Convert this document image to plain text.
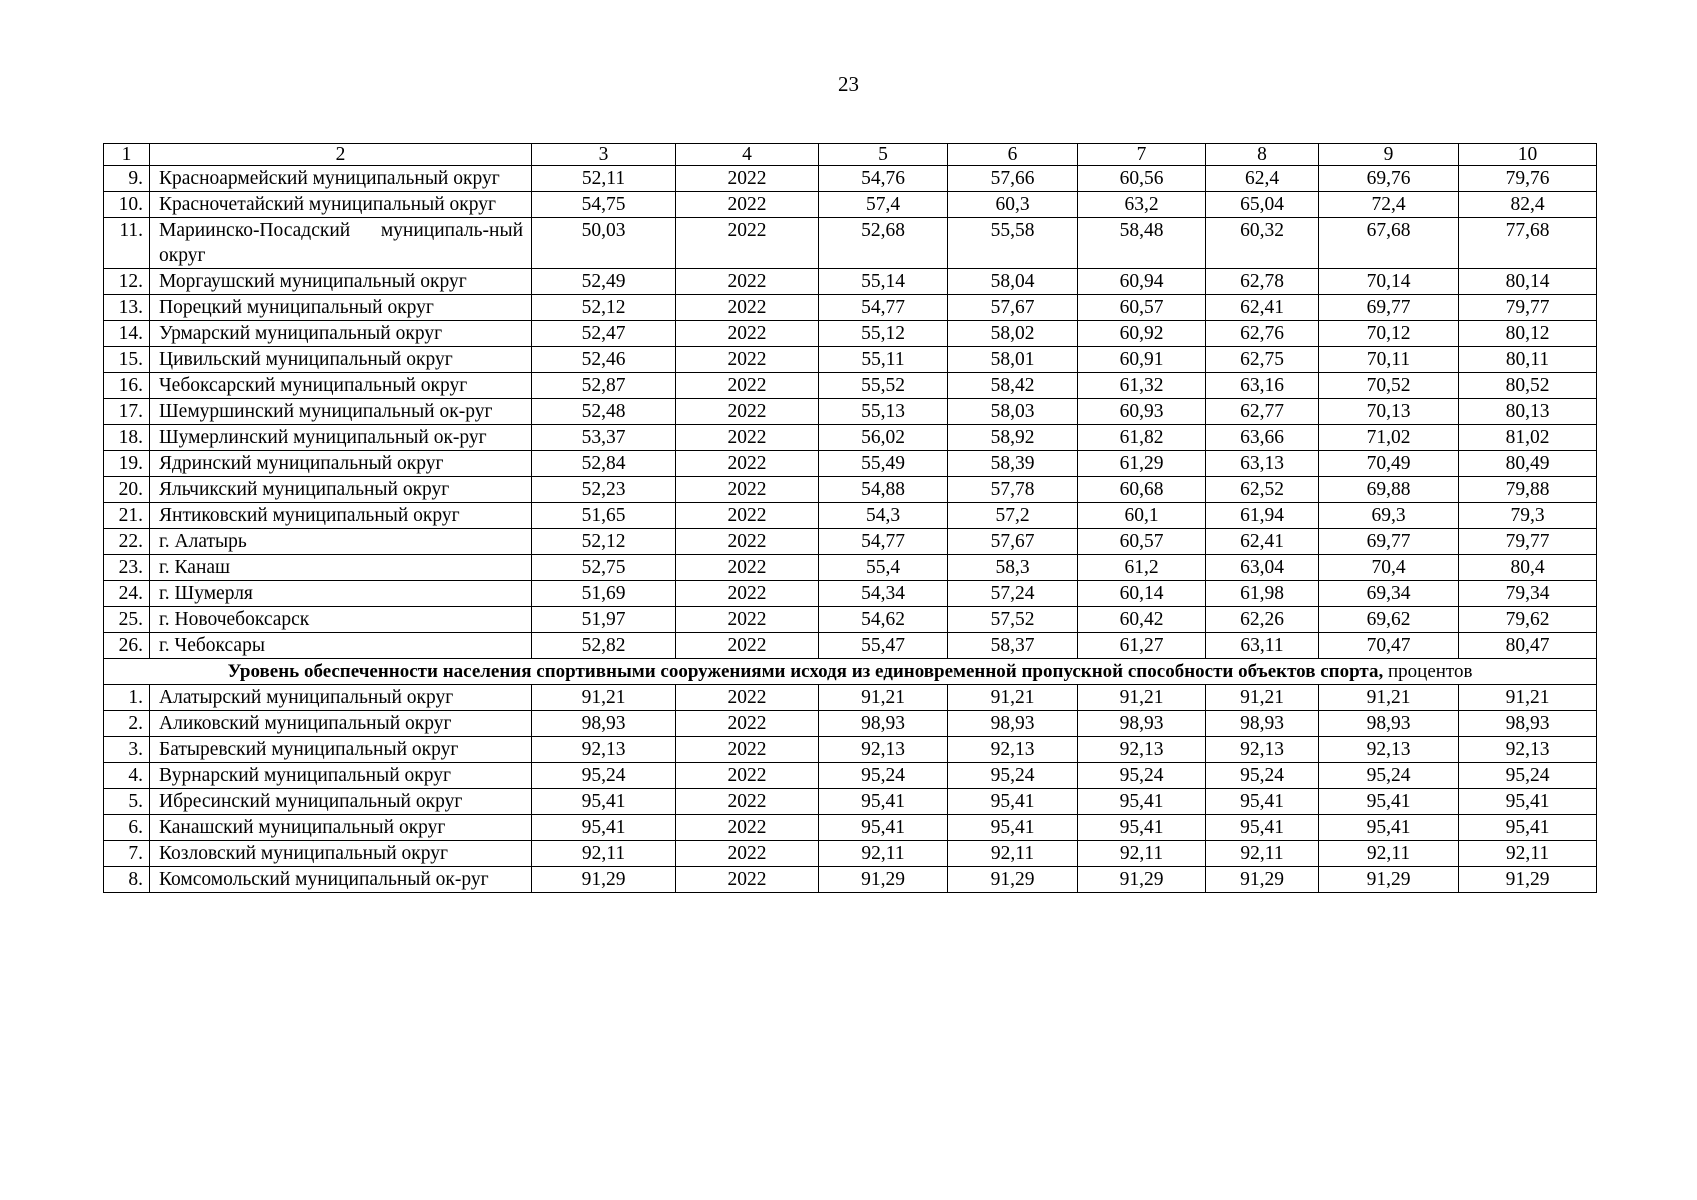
23
1	2	3	4	5	6	7	8	9	10
9.	Красноармейский муниципальный округ	52,11	2022	54,76	57,66	60,56	62,4	69,76	79,76
10.	Красночетайский муниципальный округ	54,75	2022	57,4	60,3	63,2	65,04	72,4	82,4
11.	Мариинско-Посадский муниципаль-ный округ	50,03	2022	52,68	55,58	58,48	60,32	67,68	77,68
12.	Моргаушский муниципальный округ	52,49	2022	55,14	58,04	60,94	62,78	70,14	80,14
13.	Порецкий муниципальный округ	52,12	2022	54,77	57,67	60,57	62,41	69,77	79,77
14.	Урмарский муниципальный округ	52,47	2022	55,12	58,02	60,92	62,76	70,12	80,12
15.	Цивильский муниципальный округ	52,46	2022	55,11	58,01	60,91	62,75	70,11	80,11
16.	Чебоксарский муниципальный округ	52,87	2022	55,52	58,42	61,32	63,16	70,52	80,52
17.	Шемуршинский муниципальный ок-руг	52,48	2022	55,13	58,03	60,93	62,77	70,13	80,13
18.	Шумерлинский муниципальный ок-руг	53,37	2022	56,02	58,92	61,82	63,66	71,02	81,02
19.	Ядринский муниципальный округ	52,84	2022	55,49	58,39	61,29	63,13	70,49	80,49
20.	Яльчикский муниципальный округ	52,23	2022	54,88	57,78	60,68	62,52	69,88	79,88
21.	Янтиковский муниципальный округ	51,65	2022	54,3	57,2	60,1	61,94	69,3	79,3
22.	г. Алатырь	52,12	2022	54,77	57,67	60,57	62,41	69,77	79,77
23.	г. Канаш	52,75	2022	55,4	58,3	61,2	63,04	70,4	80,4
24.	г. Шумерля	51,69	2022	54,34	57,24	60,14	61,98	69,34	79,34
25.	г. Новочебоксарск	51,97	2022	54,62	57,52	60,42	62,26	69,62	79,62
26.	г. Чебоксары	52,82	2022	55,47	58,37	61,27	63,11	70,47	80,47
Уровень обеспеченности населения спортивными сооружениями исходя из единовременной пропускной способности объектов спорта, процентов									
1.	Алатырский муниципальный округ	91,21	2022	91,21	91,21	91,21	91,21	91,21	91,21
2.	Аликовский муниципальный округ	98,93	2022	98,93	98,93	98,93	98,93	98,93	98,93
3.	Батыревский муниципальный округ	92,13	2022	92,13	92,13	92,13	92,13	92,13	92,13
4.	Вурнарский муниципальный округ	95,24	2022	95,24	95,24	95,24	95,24	95,24	95,24
5.	Ибресинский муниципальный округ	95,41	2022	95,41	95,41	95,41	95,41	95,41	95,41
6.	Канашский муниципальный округ	95,41	2022	95,41	95,41	95,41	95,41	95,41	95,41
7.	Козловский муниципальный округ	92,11	2022	92,11	92,11	92,11	92,11	92,11	92,11
8.	Комсомольский муниципальный ок-руг	91,29	2022	91,29	91,29	91,29	91,29	91,29	91,29
